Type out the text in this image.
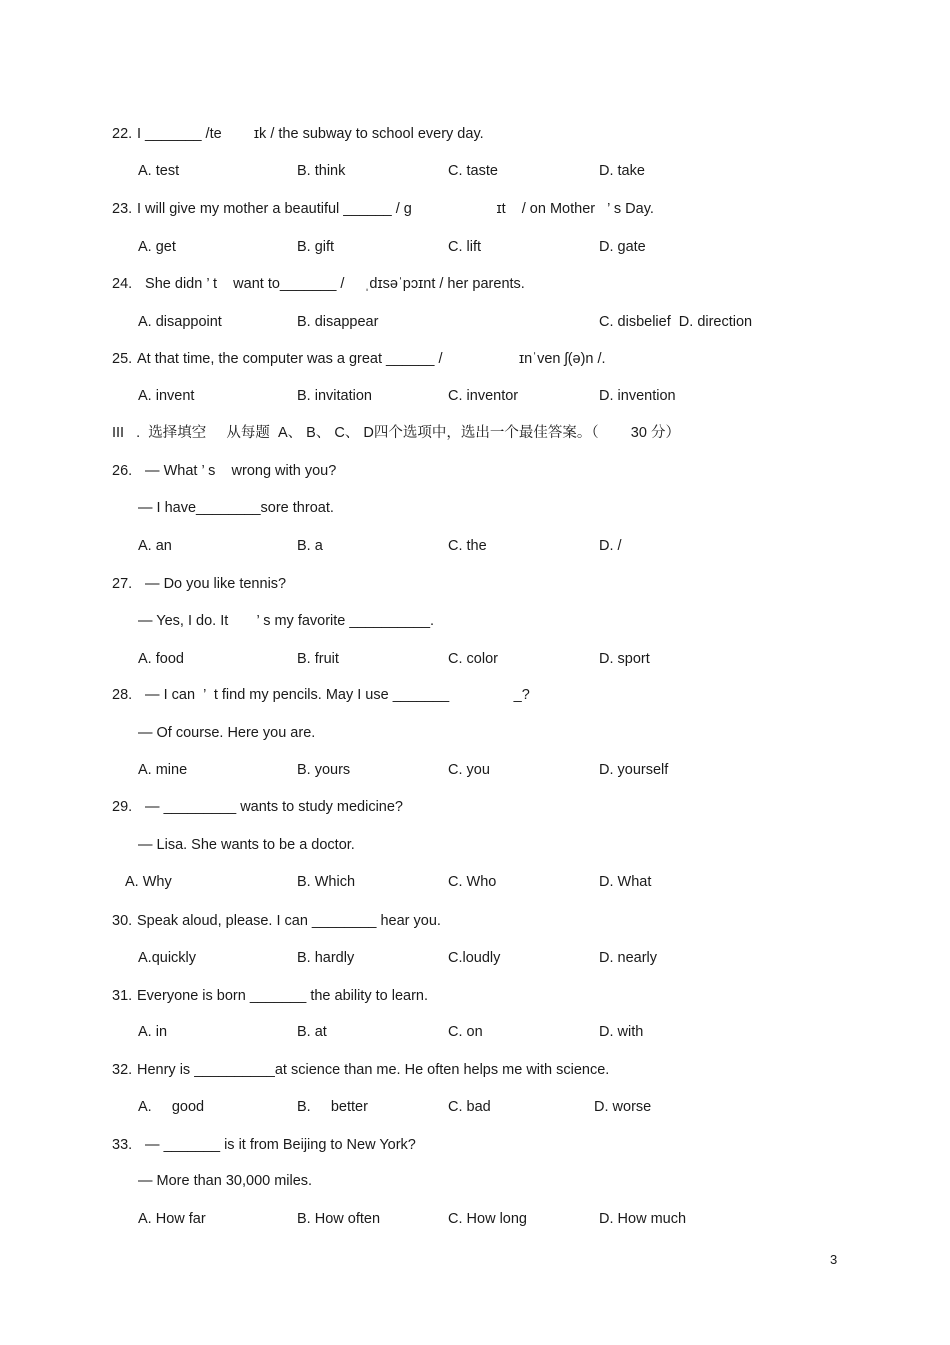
22. I _______ /te        ɪk / the subway to school every day.
A. test	B. think	C. taste	D. take
23. I will give my mother a beautiful ______ / g                     ɪt    / on Mother   ’ s Day.
A. get	B. gift	C. lift	D. gate
24. She didn ’ t    want to_______ /     ˌdɪsəˈpɔɪnt / her parents.
A. disappoint	B. disappear	C. disbelief  D. direction
25. At that time, the computer was a great ______ /                   ɪnˈven ʃ(ə)n /.
A. invent	B. invitation	C. inventor	D. invention
26. — What ’ s    wrong with you?
— I have________sore throat.
A. an	B. a	C. the	D. /
27. — Do you like tennis?
— Yes, I do. It       ’ s my favorite __________.
A. food	B. fruit	C. color	D. sport
28. — I can  ’  t find my pencils. May I use _______                _?
— Of course. Here you are.
A. mine	B. yours	C. you	D. yourself
29. — _________ wants to study medicine?
— Lisa. She wants to be a doctor.
A. Why	B. Which	C. Who	D. What
30. Speak aloud, please. I can ________ hear you.
A.quickly	B. hardly	C.loudly	D. nearly
31. Everyone is born _______ the ability to learn.
A. in	B. at	C. on	D. with
32. Henry is __________at science than me. He often helps me with science.
A.     good	B.     better	C. bad	D. worse
33. — _______ is it from Beijing to New York?
— More than 30,000 miles.
A. How far	B. How often	C. How long	D. How much
III   .  选择填空     从每题  A、 B、 C、 D四个选项中，选出一个最佳答案。（        30 分）
3
